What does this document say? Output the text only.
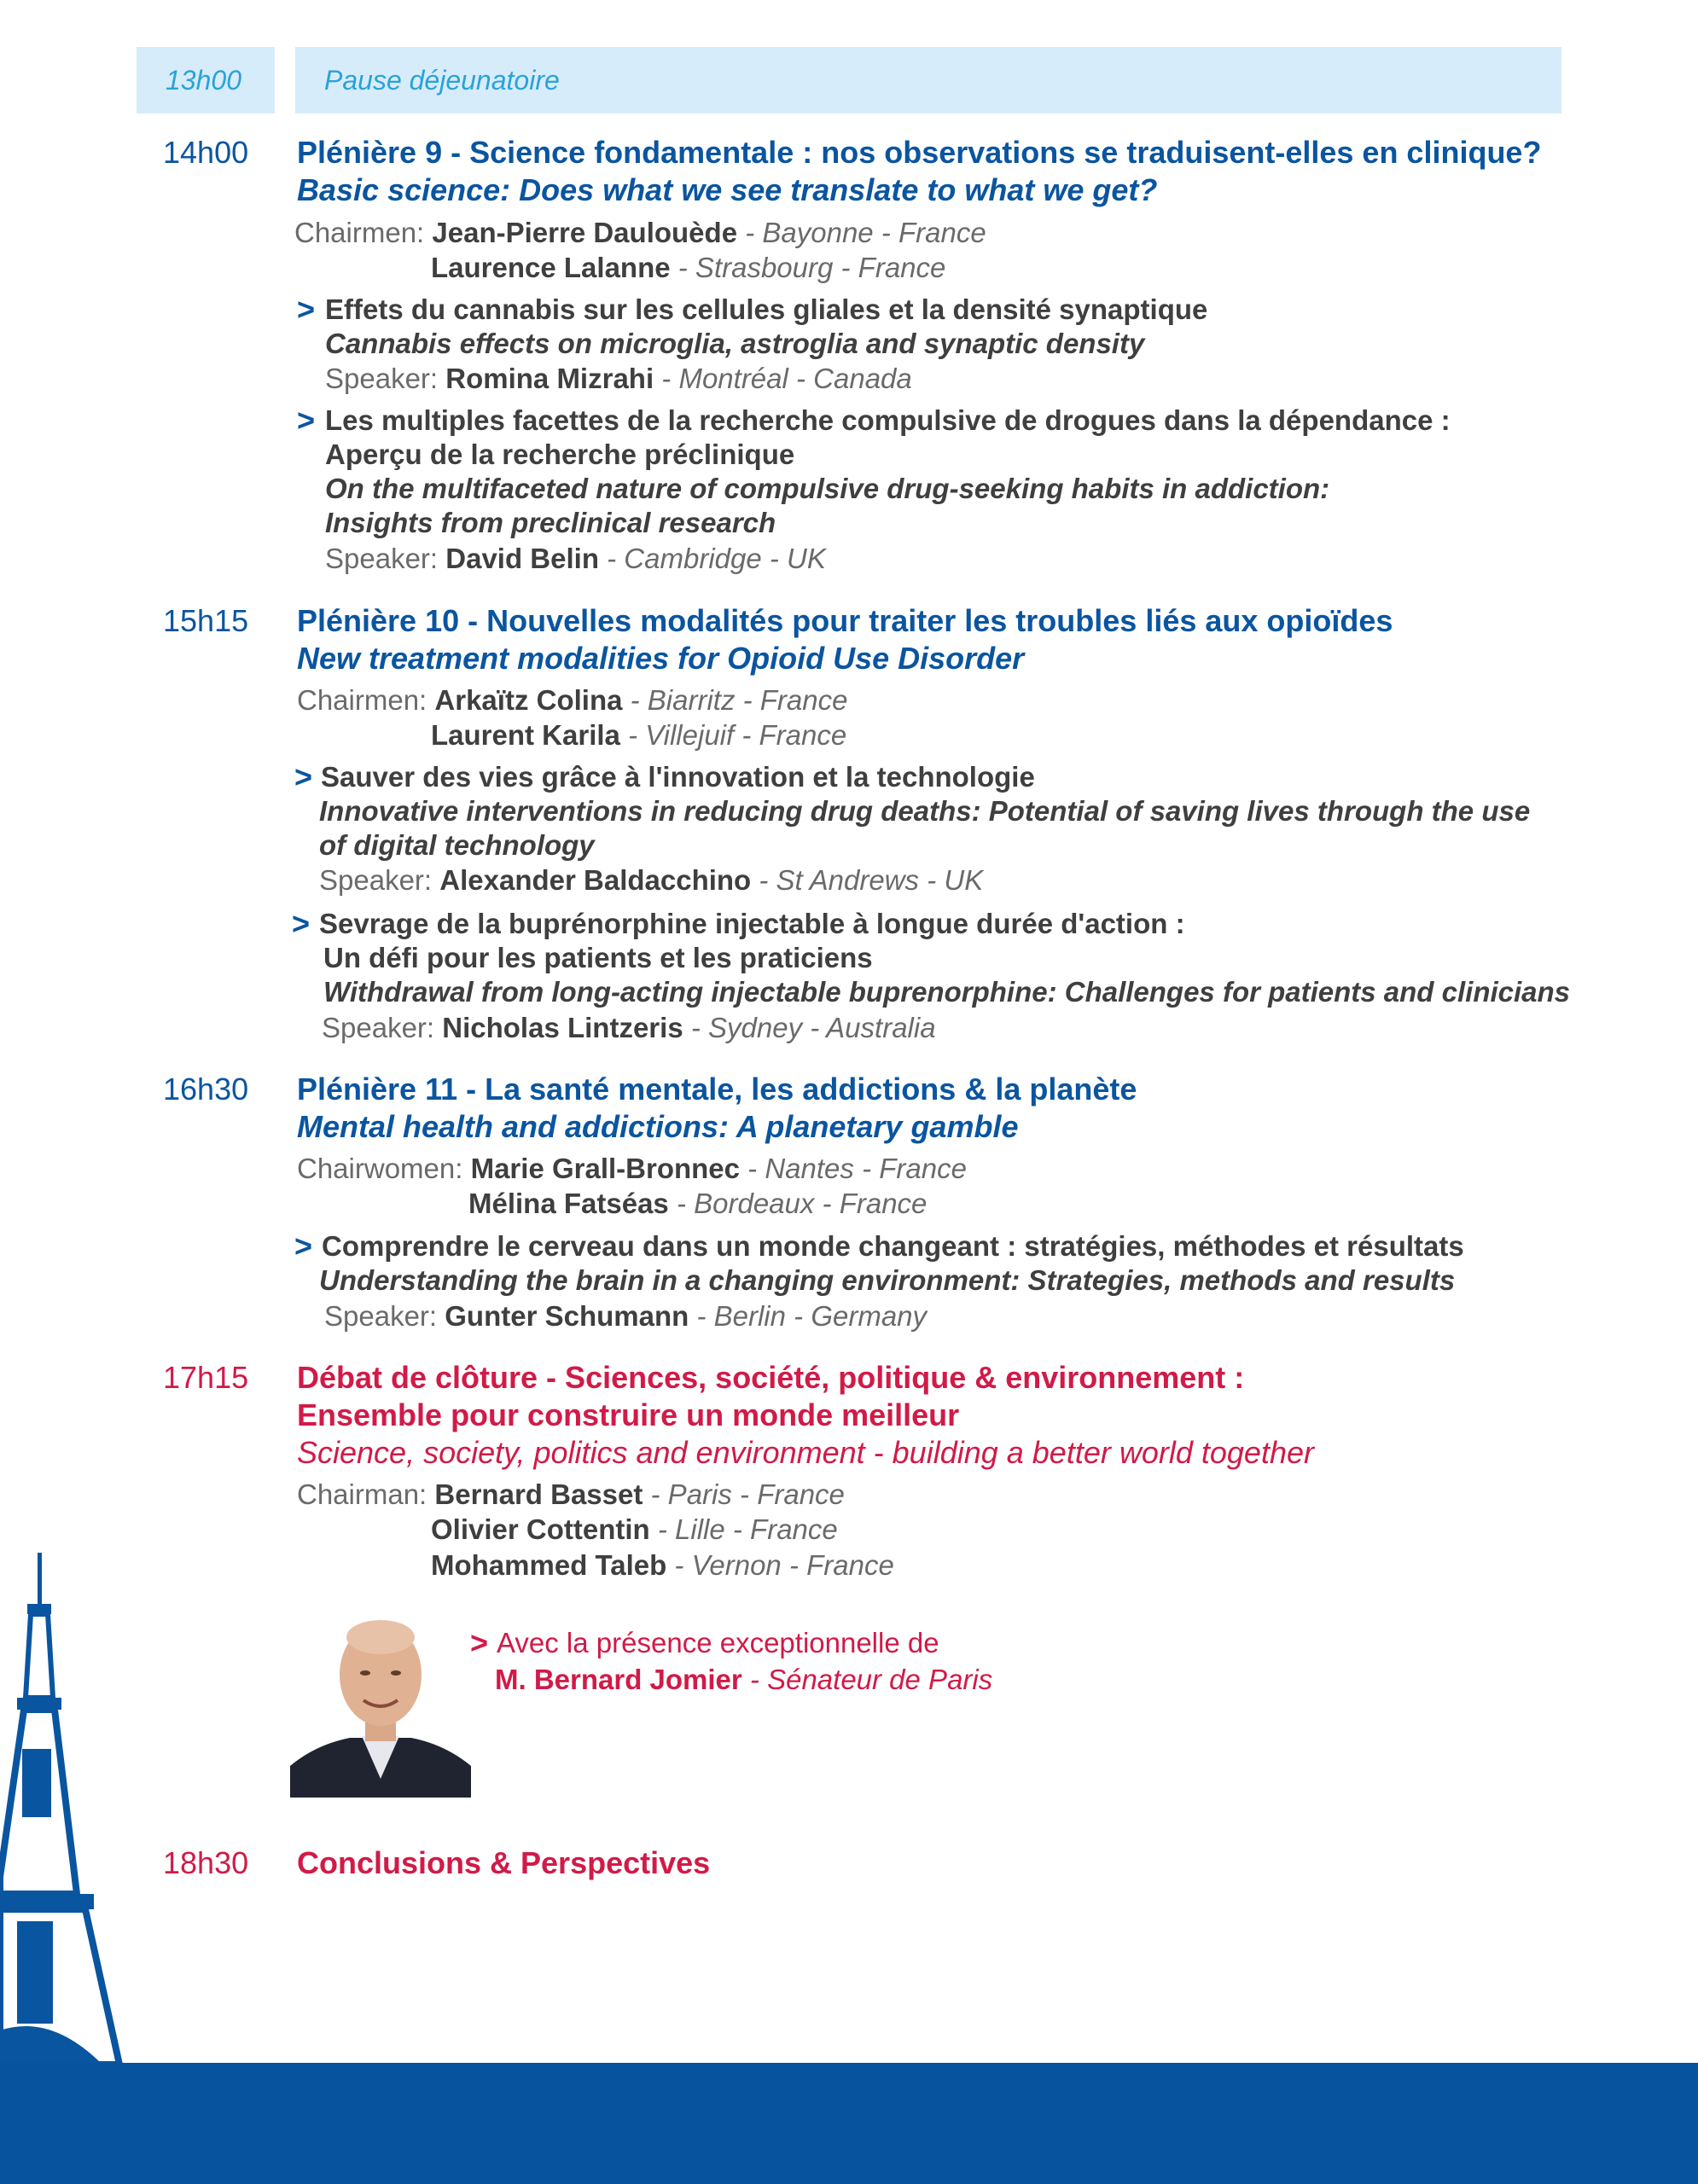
13h00	Pause déjeunatoire
14h00 Plénière 9 - Science fondamentale : nos observations se traduisent-elles en clinique?
Basic science: Does what we see translate to what we get?
Chairmen: Jean-Pierre Daulouède - Bayonne - France
Laurence Lalanne - Strasbourg - France
> Effets du cannabis sur les cellules gliales et la densité synaptique
Cannabis effects on microglia, astroglia and synaptic density
Speaker: Romina Mizrahi - Montréal - Canada
> Les multiples facettes de la recherche compulsive de drogues dans la dépendance :
Aperçu de la recherche préclinique
On the multifaceted nature of compulsive drug-seeking habits in addiction:
Insights from preclinical research
Speaker: David Belin - Cambridge - UK
15h15 Plénière 10 - Nouvelles modalités pour traiter les troubles liés aux opioïdes
New treatment modalities for Opioid Use Disorder
Chairmen: Arkaïtz Colina - Biarritz - France
Laurent Karila - Villejuif - France
> Sauver des vies grâce à l'innovation et la technologie
Innovative interventions in reducing drug deaths: Potential of saving lives through the use
of digital technology
Speaker: Alexander Baldacchino - St Andrews - UK
> Sevrage de la buprénorphine injectable à longue durée d'action :
Un défi pour les patients et les praticiens
Withdrawal from long-acting injectable buprenorphine: Challenges for patients and clinicians
Speaker: Nicholas Lintzeris - Sydney - Australia
16h30 Plénière 11 - La santé mentale, les addictions & la planète
Mental health and addictions: A planetary gamble
Chairwomen: Marie Grall-Bronnec - Nantes - France
Mélina Fatséas - Bordeaux - France
> Comprendre le cerveau dans un monde changeant : stratégies, méthodes et résultats
Understanding the brain in a changing environment: Strategies, methods and results
Speaker: Gunter Schumann - Berlin - Germany
17h15 Débat de clôture - Sciences, société, politique & environnement :
Ensemble pour construire un monde meilleur
Science, society, politics and environment - building a better world together
Chairman: Bernard Basset - Paris - France
Olivier Cottentin - Lille - France
Mohammed Taleb - Vernon - France
> Avec la présence exceptionnelle de
M. Bernard Jomier - Sénateur de Paris
18h30 Conclusions & Perspectives
